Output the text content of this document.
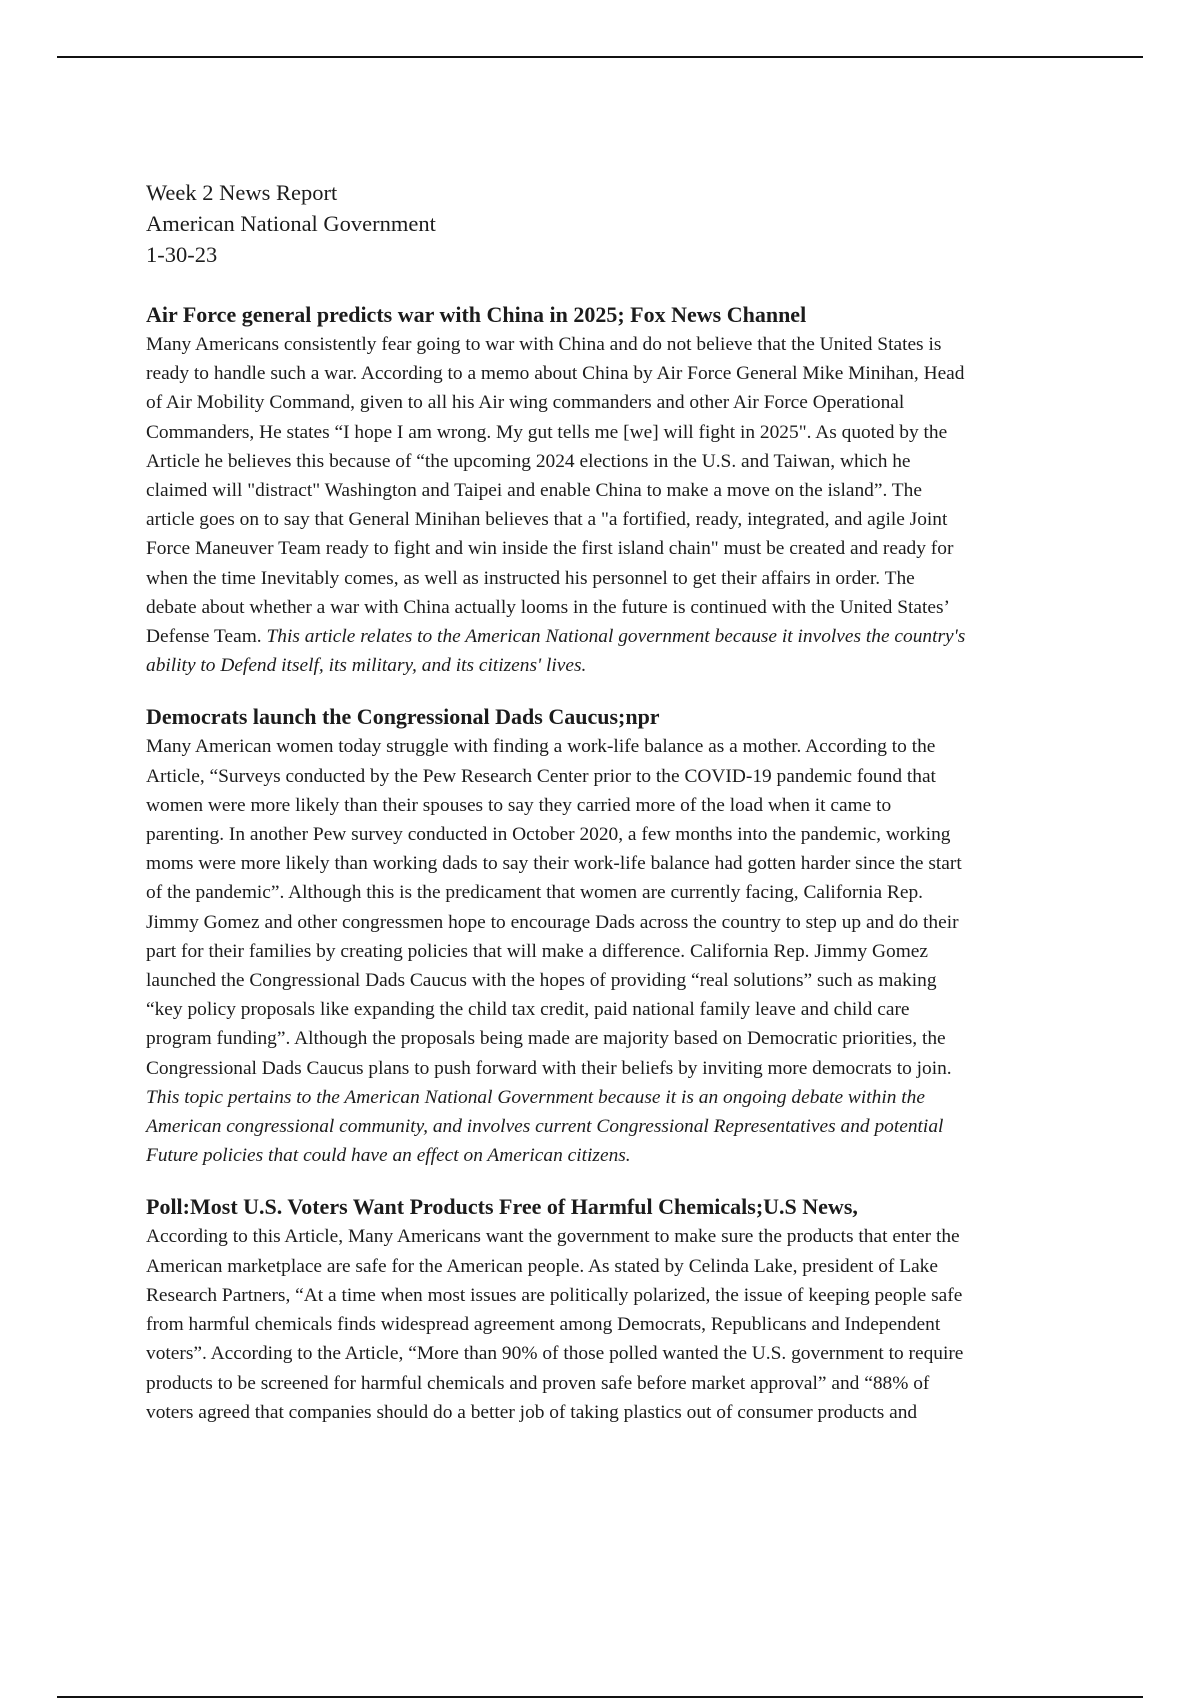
Week 2 News Report

American National Government

1-30-23

Air Force general predicts war with China in 2025; Fox News Channel

Many Americans consistently fear going to war with China and do not believe that the United States is

ready to handle such a war. According to a memo about China by Air Force General Mike Minihan, Head

of Air Mobility Command, given to all his Air wing commanders and other Air Force Operational

Commanders, He states “I hope I am wrong. My gut tells me [we] will fight in 2025". As quoted by the

Article he believes this because of “the upcoming 2024 elections in the U.S. and Taiwan, which he

claimed will "distract" Washington and Taipei and enable China to make a move on the island”. The

article goes on to say that General Minihan believes that a "a fortified, ready, integrated, and agile Joint

Force Maneuver Team ready to fight and win inside the first island chain" must be created and ready for

when the time Inevitably comes, as well as instructed his personnel to get their affairs in order. The

debate about whether a war with China actually looms in the future is continued with the United States’

Defense Team. This article relates to the American National government because it involves the country's

ability to Defend itself, its military, and its citizens' lives.

Democrats launch the Congressional Dads Caucus;npr

Many American women today struggle with finding a work-life balance as a mother. According to the

Article, “Surveys conducted by the Pew Research Center prior to the COVID-19 pandemic found that

women were more likely than their spouses to say they carried more of the load when it came to

parenting. In another Pew survey conducted in October 2020, a few months into the pandemic, working

moms were more likely than working dads to say their work-life balance had gotten harder since the start

of the pandemic”. Although this is the predicament that women are currently facing, California Rep.

Jimmy Gomez and other congressmen hope to encourage Dads across the country to step up and do their

part for their families by creating policies that will make a difference. California Rep. Jimmy Gomez

launched the Congressional Dads Caucus with the hopes of providing “real solutions” such as making

“key policy proposals like expanding the child tax credit, paid national family leave and child care

program funding”. Although the proposals being made are majority based on Democratic priorities, the

Congressional Dads Caucus plans to push forward with their beliefs by inviting more democrats to join.

This topic pertains to the American National Government because it is an ongoing debate within the

American congressional community, and involves current Congressional Representatives and potential

Future policies that could have an effect on American citizens.

Poll:Most U.S. Voters Want Products Free of Harmful Chemicals;U.S News,

According to this Article, Many Americans want the government to make sure the products that enter the

American marketplace are safe for the American people. As stated by Celinda Lake, president of Lake

Research Partners, “At a time when most issues are politically polarized, the issue of keeping people safe

from harmful chemicals finds widespread agreement among Democrats, Republicans and Independent

voters”. According to the Article, “More than 90% of those polled wanted the U.S. government to require

products to be screened for harmful chemicals and proven safe before market approval” and “88% of

voters agreed that companies should do a better job of taking plastics out of consumer products and
